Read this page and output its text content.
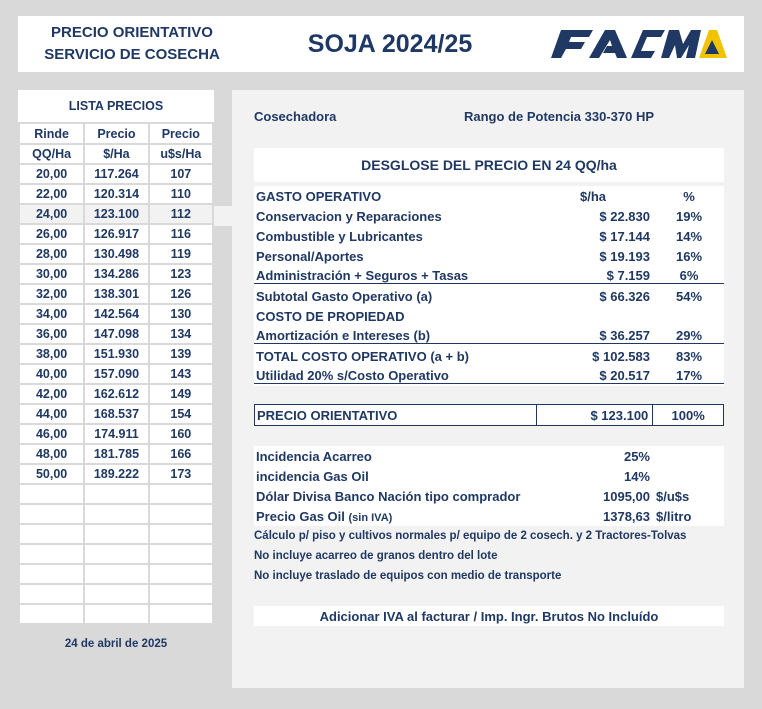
PRECIO ORIENTATIVO
SERVICIO DE COSECHA	SOJA 2024/25
LISTA PRECIOS
Rinde	Precio	Precio
QQ/Ha	$/Ha	u$s/Ha
20,00	117.264	107
22,00	120.314	110
24,00	123.100	112
26,00	126.917	116
28,00	130.498	119
30,00	134.286	123
32,00	138.301	126
34,00	142.564	130
36,00	147.098	134
38,00	151.930	139
40,00	157.090	143
42,00	162.612	149
44,00	168.537	154
46,00	174.911	160
48,00	181.785	166
50,00	189.222	173

24 de abril de 2025
Cosechadora	Rango de Potencia 330-370 HP
DESGLOSE DEL PRECIO EN 24 QQ/ha
GASTO OPERATIVO	$/ha	%
Conservacion y Reparaciones	$ 22.830	19%
Combustible y Lubricantes	$ 17.144	14%
Personal/Aportes	$ 19.193	16%
Administración + Seguros + Tasas	$ 7.159	6%
Subtotal Gasto Operativo (a)	$ 66.326	54%
COSTO DE PROPIEDAD
Amortización e Intereses (b)	$ 36.257	29%
TOTAL COSTO OPERATIVO (a + b)	$ 102.583	83%
Utilidad 20% s/Costo Operativo	$ 20.517	17%
PRECIO ORIENTATIVO	$ 123.100	100%
Incidencia Acarreo	25%
incidencia Gas Oil	14%
Dólar Divisa Banco Nación tipo comprador	1095,00 $/u$s
Precio Gas Oil (sin IVA)	1378,63 $/litro
Cálculo p/ piso y cultivos normales p/ equipo de 2 cosech. y 2 Tractores-Tolvas
No incluye acarreo de granos dentro del lote
No incluye traslado de equipos con medio de transporte
Adicionar IVA al facturar / Imp. Ingr. Brutos No Incluído
